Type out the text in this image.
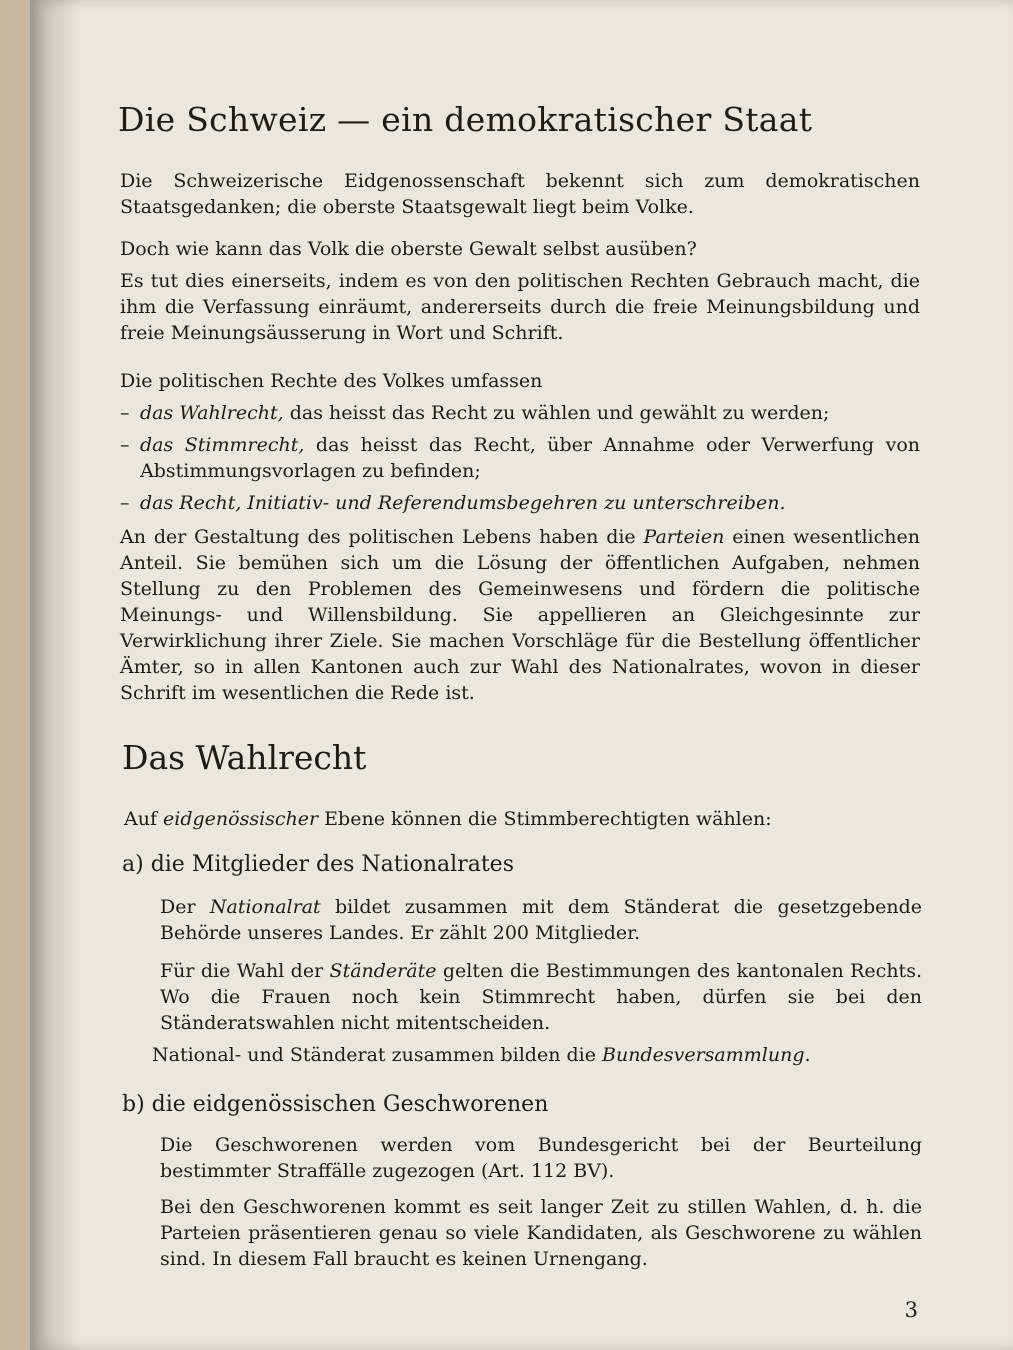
Die Schweiz — ein demokratischer Staat

Die Schweizerische Eidgenossenschaft bekennt sich zum demokratischen Staatsgedanken; die oberste Staatsgewalt liegt beim Volke.

Doch wie kann das Volk die oberste Gewalt selbst ausüben?

Es tut dies einerseits, indem es von den politischen Rechten Gebrauch macht, die ihm die Verfassung einräumt, andererseits durch die freie Meinungsbildung und freie Meinungsäusserung in Wort und Schrift.

Die politischen Rechte des Volkes umfassen

– das Wahlrecht, das heisst das Recht zu wählen und gewählt zu werden;

– das Stimmrecht, das heisst das Recht, über Annahme oder Verwerfung von Abstimmungsvorlagen zu befinden;

– das Recht, Initiativ- und Referendumsbegehren zu unterschreiben.

An der Gestaltung des politischen Lebens haben die Parteien einen wesentlichen Anteil. Sie bemühen sich um die Lösung der öffentlichen Aufgaben, nehmen Stellung zu den Problemen des Gemeinwesens und fördern die politische Meinungs- und Willensbildung. Sie appellieren an Gleichgesinnte zur Verwirklichung ihrer Ziele. Sie machen Vorschläge für die Bestellung öffentlicher Ämter, so in allen Kantonen auch zur Wahl des Nationalrates, wovon in dieser Schrift im wesentlichen die Rede ist.

Das Wahlrecht

Auf eidgenössischer Ebene können die Stimmberechtigten wählen:

a) die Mitglieder des Nationalrates

Der Nationalrat bildet zusammen mit dem Ständerat die gesetzgebende Behörde unseres Landes. Er zählt 200 Mitglieder.

Für die Wahl der Ständeräte gelten die Bestimmungen des kantonalen Rechts. Wo die Frauen noch kein Stimmrecht haben, dürfen sie bei den Ständeratswahlen nicht mitentscheiden.

National- und Ständerat zusammen bilden die Bundesversammlung.

b) die eidgenössischen Geschworenen

Die Geschworenen werden vom Bundesgericht bei der Beurteilung bestimmter Straffälle zugezogen (Art. 112 BV).

Bei den Geschworenen kommt es seit langer Zeit zu stillen Wahlen, d. h. die Parteien präsentieren genau so viele Kandidaten, als Geschworene zu wählen sind. In diesem Fall braucht es keinen Urnengang.

3
